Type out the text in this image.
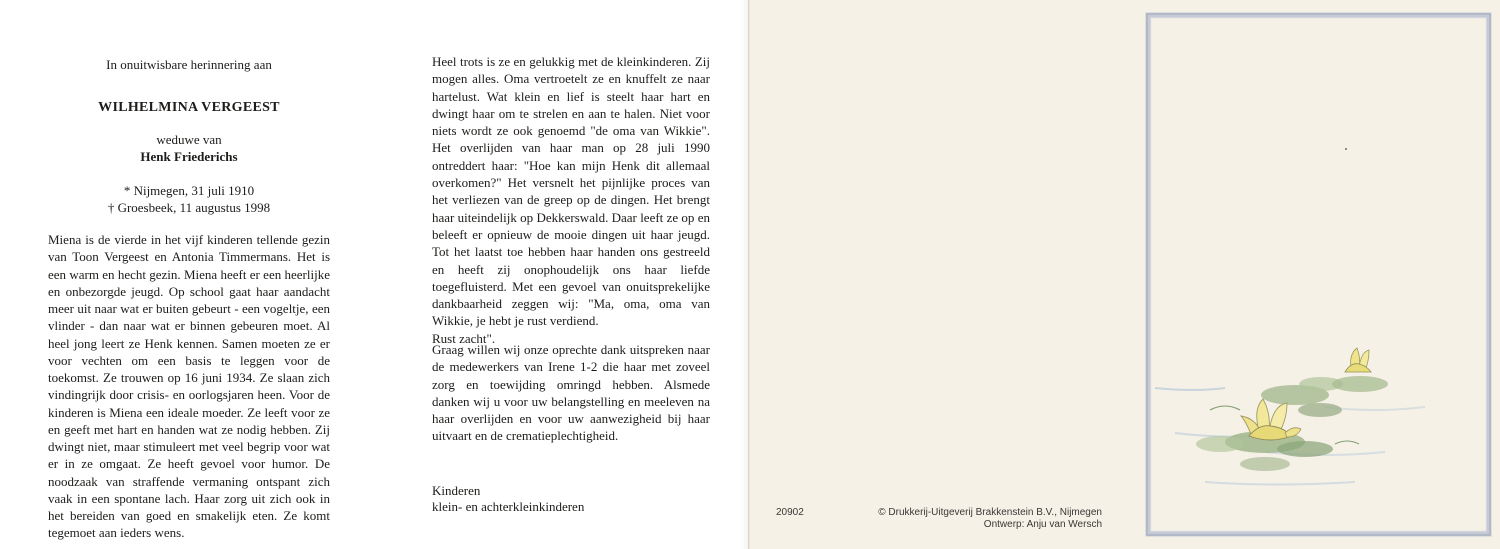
In onuitwisbare herinnering aan
WILHELMINA VERGEEST
weduwe van
Henk Friederichs
* Nijmegen, 31 juli 1910
† Groesbeek, 11 augustus 1998

Miena is de vierde in het vijf kinderen tellende gezin van Toon Vergeest en Antonia Timmermans. Het is een warm en hecht gezin. Miena heeft er een heerlijke en onbezorgde jeugd. Op school gaat haar aandacht meer uit naar wat er buiten gebeurt - een vogeltje, een vlinder - dan naar wat er binnen gebeuren moet. Al heel jong leert ze Henk kennen. Samen moeten ze er voor vechten om een basis te leggen voor de toekomst. Ze trouwen op 16 juni 1934. Ze slaan zich vindingrijk door crisis- en oorlogsjaren heen. Voor de kinderen is Miena een ideale moeder. Ze leeft voor ze en geeft met hart en handen wat ze nodig hebben. Zij dwingt niet, maar stimuleert met veel begrip voor wat er in ze omgaat. Ze heeft gevoel voor humor. De noodzaak van straffende vermaning ontspant zich vaak in een spontane lach. Haar zorg uit zich ook in het bereiden van goed en smakelijk eten. Ze komt tegemoet aan ieders wens.

Heel trots is ze en gelukkig met de kleinkinderen. Zij mogen alles. Oma vertroetelt ze en knuffelt ze naar hartelust. Wat klein en lief is steelt haar hart en dwingt haar om te strelen en aan te halen. Niet voor niets wordt ze ook genoemd "de oma van Wikkie". Het overlijden van haar man op 28 juli 1990 ontreddert haar: "Hoe kan mijn Henk dit allemaal overkomen?" Het versnelt het pijnlijke proces van het verliezen van de greep op de dingen. Het brengt haar uiteindelijk op Dekkerswald. Daar leeft ze op en beleeft er opnieuw de mooie dingen uit haar jeugd. Tot het laatst toe hebben haar handen ons gestreeld en heeft zij onophoudelijk ons haar liefde toegefluisterd. Met een gevoel van onuitsprekelijke dankbaarheid zeggen wij: "Ma, oma, oma van Wikkie, je hebt je rust verdiend.
Rust zacht".

Graag willen wij onze oprechte dank uitspreken naar de medewerkers van Irene 1-2 die haar met zoveel zorg en toewijding omringd hebben. Alsmede danken wij u voor uw belangstelling en meeleven na haar overlijden en voor uw aanwezigheid bij haar uitvaart en de crematieplechtigheid.

Kinderen
klein- en achterkleinkinderen	20902	© Drukkerij-Uitgeverij Brakkenstein B.V., Nijmegen
Ontwerp: Anju van Wersch
